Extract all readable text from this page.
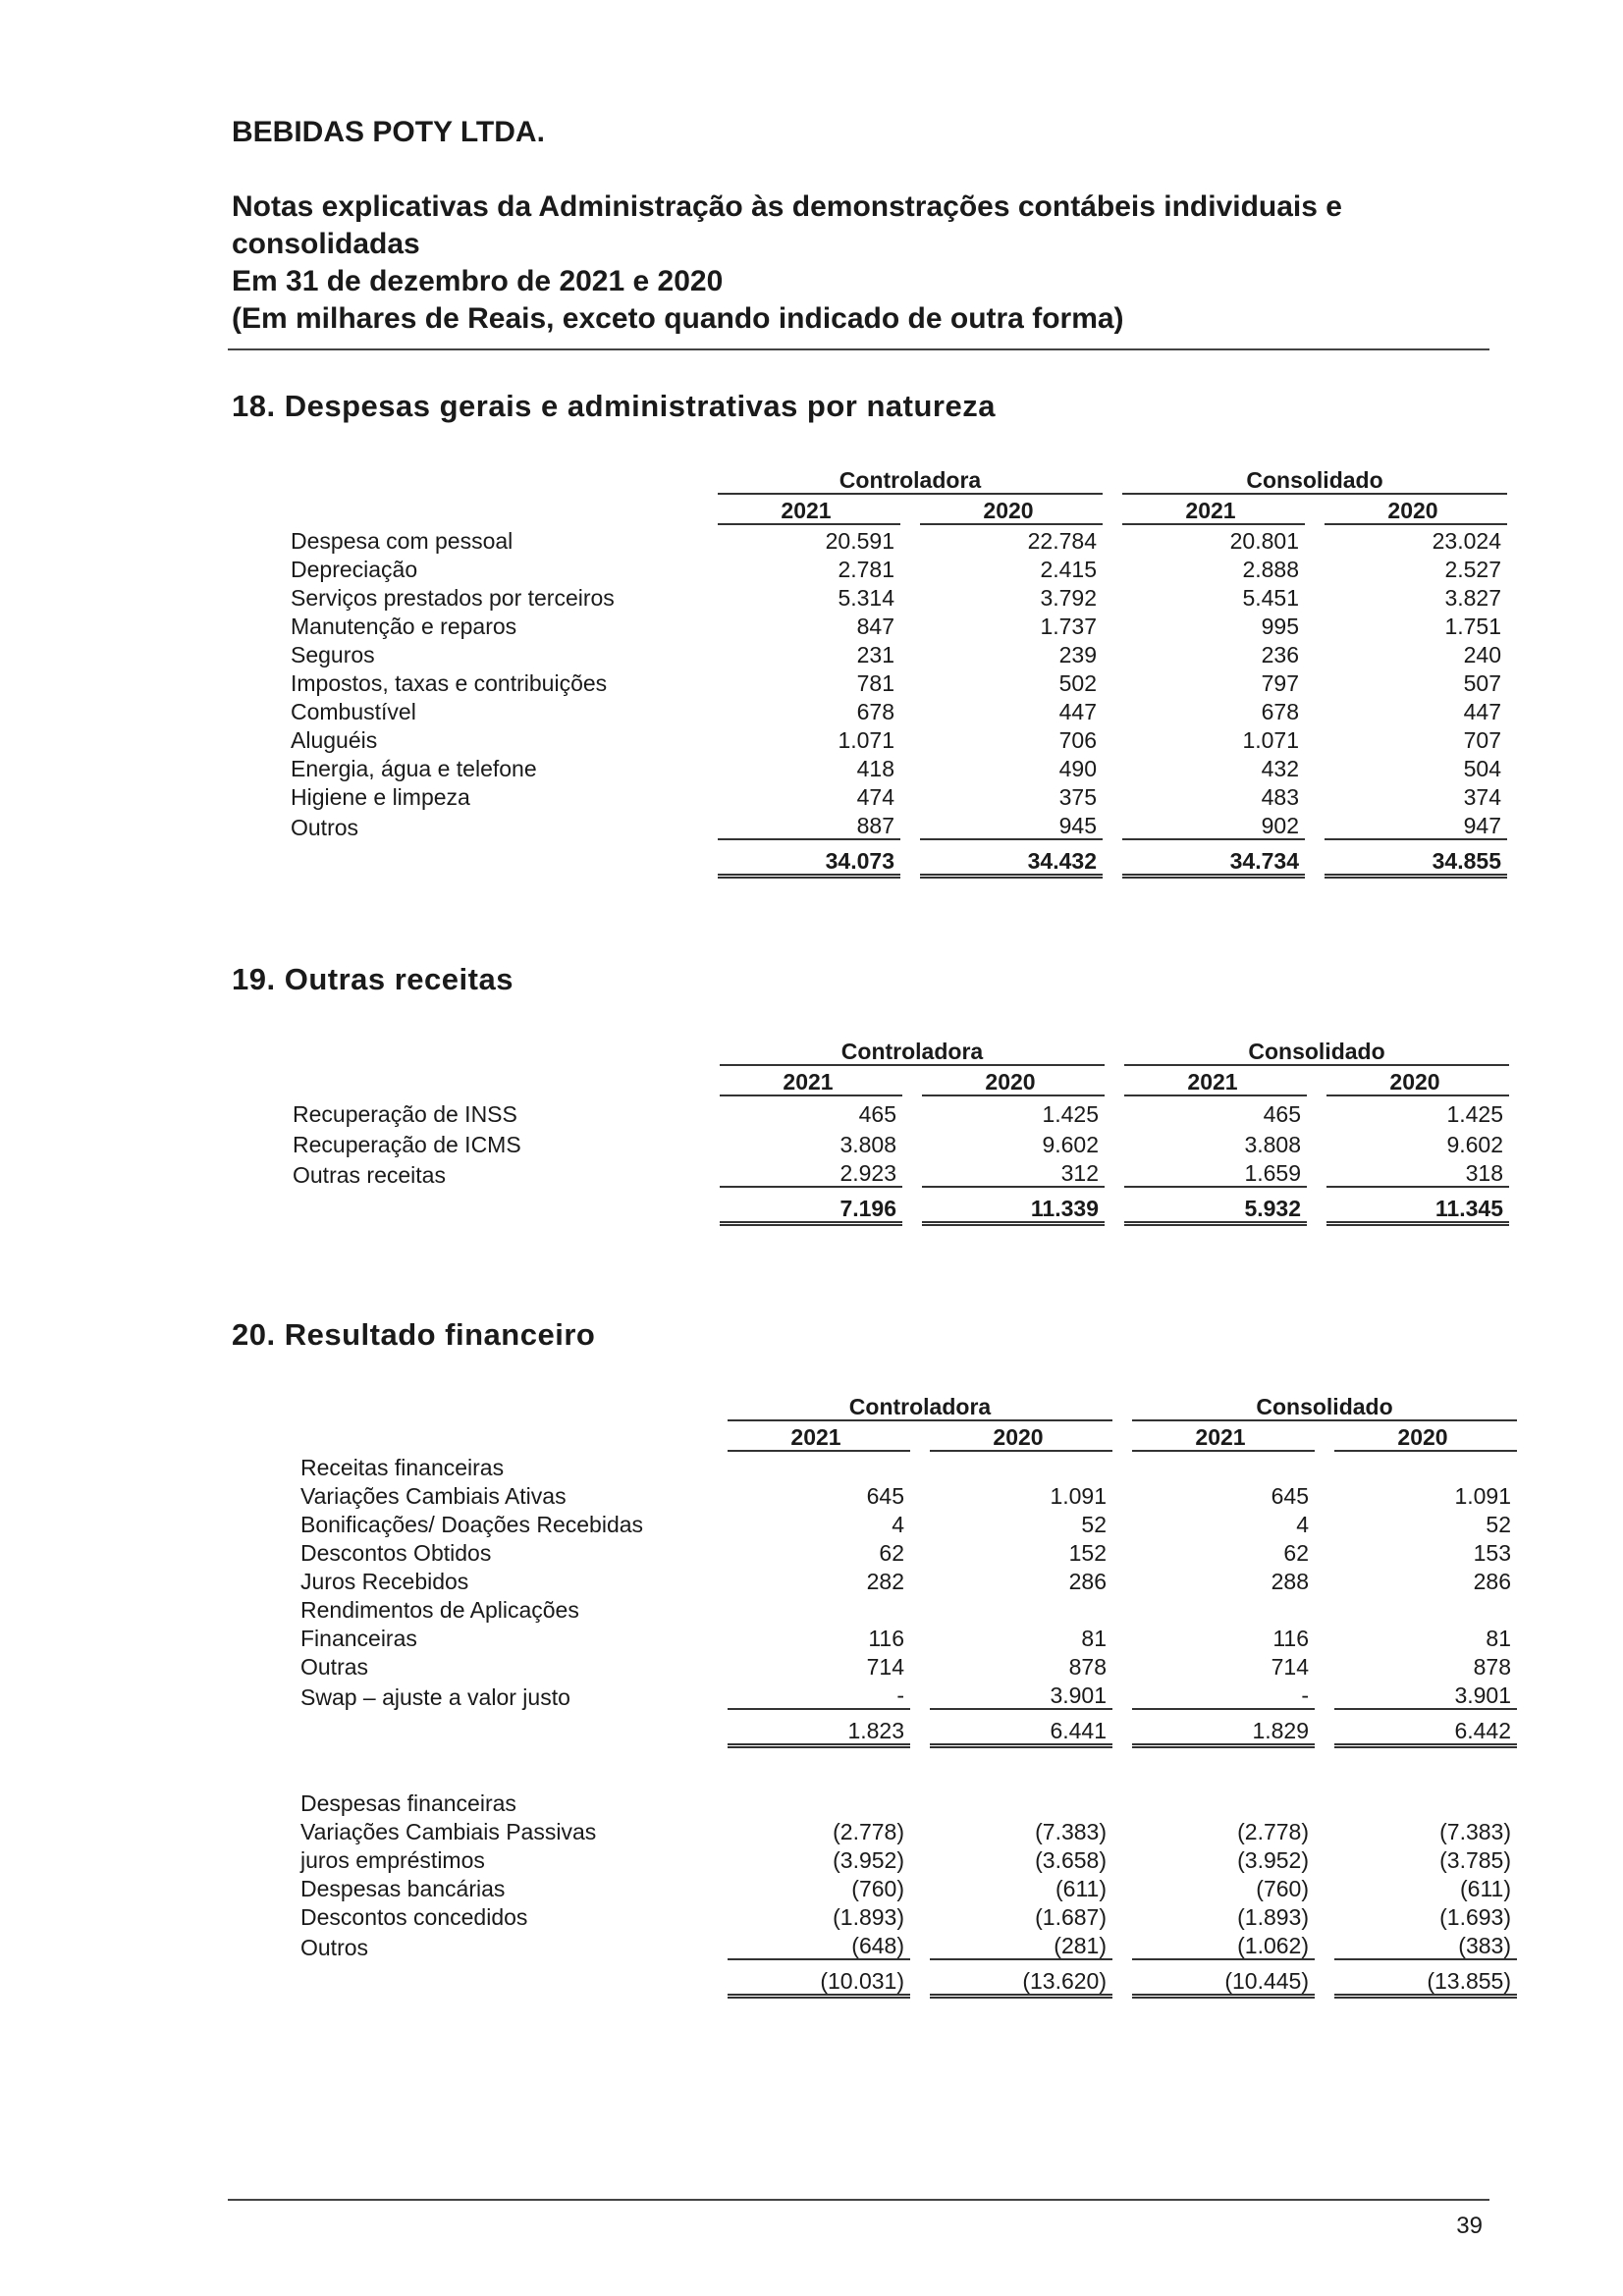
BEBIDAS POTY LTDA.
Notas explicativas da Administração às demonstrações contábeis individuais e
consolidadas
Em 31 de dezembro de 2021 e 2020
(Em milhares de Reais, exceto quando indicado de outra forma)
18. Despesas gerais e administrativas por natureza
	Controladora				Consolidado		
	2021		2020		2021		2020
Despesa com pessoal	20.591		22.784		20.801		23.024
Depreciação	2.781		2.415		2.888		2.527
Serviços prestados por terceiros	5.314		3.792		5.451		3.827
Manutenção e reparos	847		1.737		995		1.751
Seguros	231		239		236		240
Impostos, taxas e contribuições	781		502		797		507
Combustível	678		447		678		447
Aluguéis	1.071		706		1.071		707
Energia, água e telefone	418		490		432		504
Higiene e limpeza	474		375		483		374
Outros	887		945		902		947
	34.073		34.432		34.734		34.855
19. Outras receitas
	Controladora				Consolidado		
	2021		2020		2021		2020
Recuperação de INSS	465		1.425		465		1.425
Recuperação de ICMS	3.808		9.602		3.808		9.602
Outras receitas	2.923		312		1.659		318
	7.196		11.339		5.932		11.345
20. Resultado financeiro
	Controladora				Consolidado		
	2021		2020		2021		2020
Receitas financeiras							
Variações Cambiais Ativas	645		1.091		645		1.091
Bonificações/ Doações Recebidas	4		52		4		52
Descontos Obtidos	62		152		62		153
Juros Recebidos	282		286		288		286
Rendimentos de Aplicações							
Financeiras	116		81		116		81
Outras	714		878		714		878
Swap – ajuste a valor justo	-		3.901		-		3.901
	1.823		6.441		1.829		6.442

Despesas financeiras							
Variações Cambiais Passivas	(2.778)		(7.383)		(2.778)		(7.383)
juros empréstimos	(3.952)		(3.658)		(3.952)		(3.785)
Despesas bancárias	(760)		(611)		(760)		(611)
Descontos concedidos	(1.893)		(1.687)		(1.893)		(1.693)
Outros	(648)		(281)		(1.062)		(383)
	(10.031)		(13.620)		(10.445)		(13.855)
39
